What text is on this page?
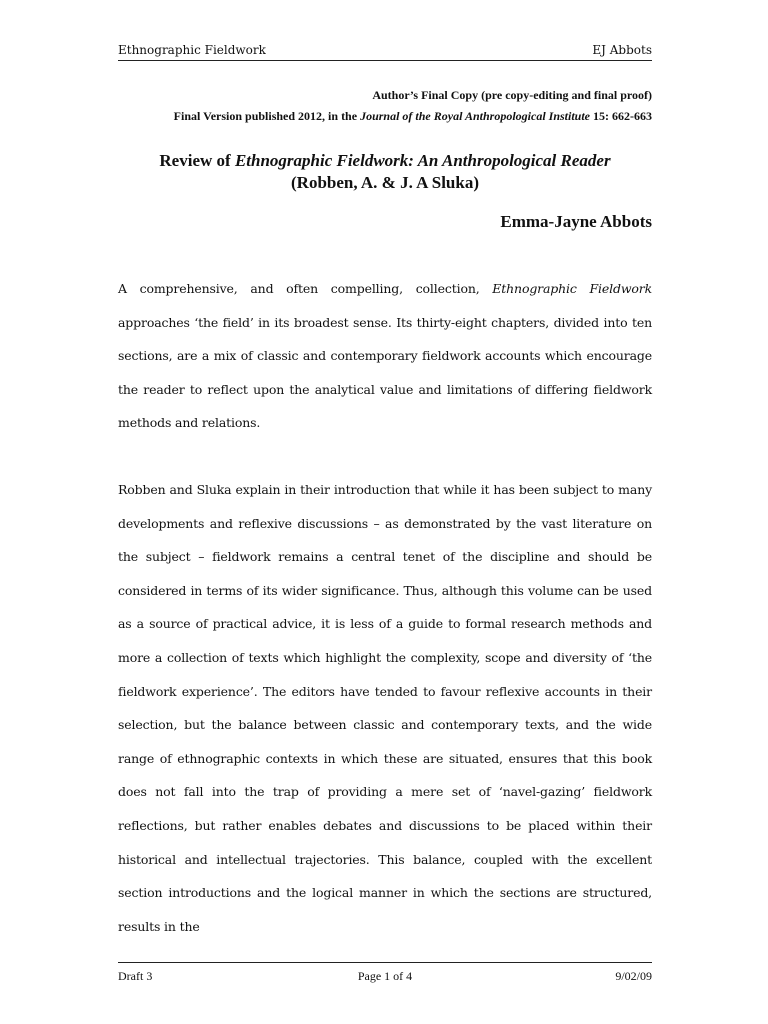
Ethnographic Fieldwork	EJ Abbots
Author’s Final Copy (pre copy-editing and final proof)
Final Version published 2012, in the Journal of the Royal Anthropological Institute 15: 662-663
Review of Ethnographic Fieldwork: An Anthropological Reader
(Robben, A. & J. A Sluka)
Emma-Jayne Abbots
A comprehensive, and often compelling, collection, Ethnographic Fieldwork approaches ‘the field’ in its broadest sense. Its thirty-eight chapters, divided into ten sections, are a mix of classic and contemporary fieldwork accounts which encourage the reader to reflect upon the analytical value and limitations of differing fieldwork methods and relations.
Robben and Sluka explain in their introduction that while it has been subject to many developments and reflexive discussions – as demonstrated by the vast literature on the subject – fieldwork remains a central tenet of the discipline and should be considered in terms of its wider significance. Thus, although this volume can be used as a source of practical advice, it is less of a guide to formal research methods and more a collection of texts which highlight the complexity, scope and diversity of ‘the fieldwork experience’. The editors have tended to favour reflexive accounts in their selection, but the balance between classic and contemporary texts, and the wide range of ethnographic contexts in which these are situated, ensures that this book does not fall into the trap of providing a mere set of ‘navel-gazing’ fieldwork reflections, but rather enables debates and discussions to be placed within their historical and intellectual trajectories. This balance, coupled with the excellent section introductions and the logical manner in which the sections are structured, results in the
Draft 3	Page 1 of 4	9/02/09
